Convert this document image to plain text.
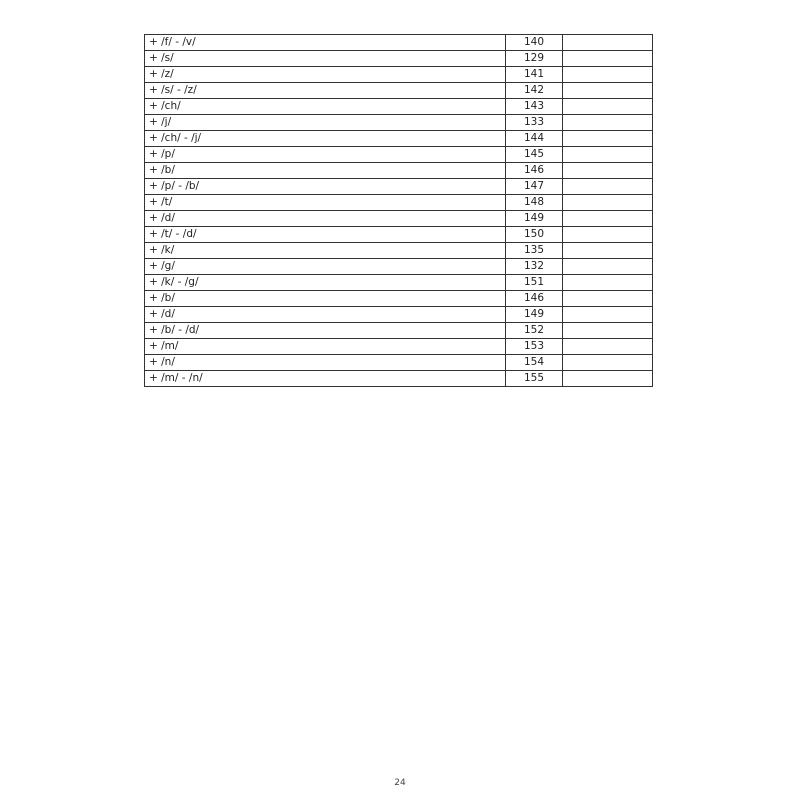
+ /f/ - /v/	140	
+ /s/	129	
+ /z/	141	
+ /s/ - /z/	142	
+ /ch/	143	
+ /j/	133	
+ /ch/ - /j/	144	
+ /p/	145	
+ /b/	146	
+ /p/ - /b/	147	
+ /t/	148	
+ /d/	149	
+ /t/ - /d/	150	
+ /k/	135	
+ /g/	132	
+ /k/ - /g/	151	
+ /b/	146	
+ /d/	149	
+ /b/ - /d/	152	
+ /m/	153	
+ /n/	154	
+ /m/ - /n/	155	
24
